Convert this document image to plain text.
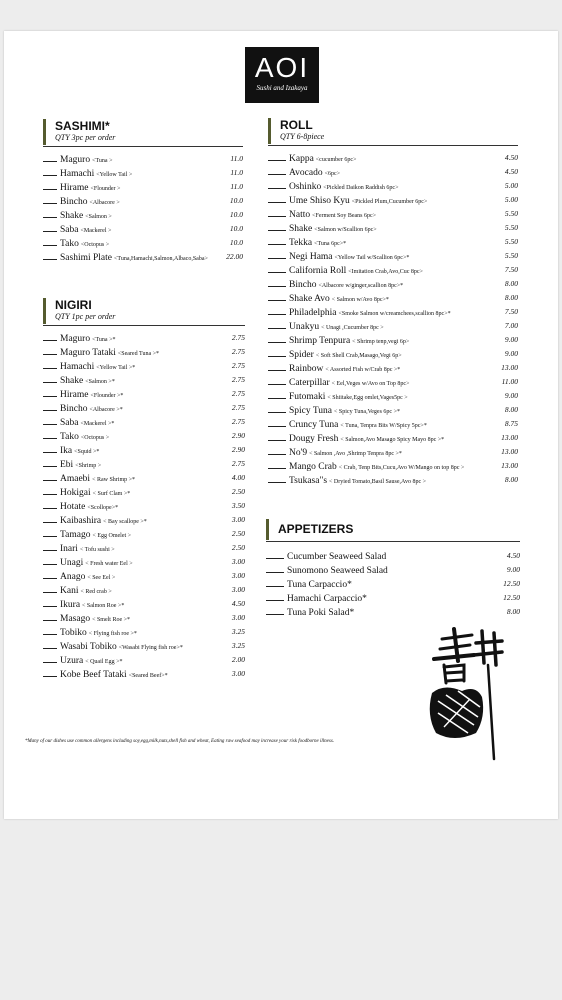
AOI
Sushi and Izakaya
SASHIMI*
QTY 3pc per order
Maguro <Tuna >	11.0
Hamachi <Yellow Tail >	11.0
Hirame <Flounder >	11.0
Bincho <Albacore >	10.0
Shake <Salmon >	10.0
Saba <Mackerel >	10.0
Tako <Octopus >	10.0
Sashimi Plate <Tuna,Hamachi,Salmon,Albaco,Saba> 22.00
NIGIRI
QTY 1pc per order
Maguro <Tuna >*	2.75
Maguro Tataki <Seared Tuna >*	2.75
Hamachi <Yellow Tail >*	2.75
Shake <Salmon >*	2.75
Hirame <Flounder >*	2.75
Bincho <Albacore >*	2.75
Saba <Mackerel >*	2.75
Tako <Octopus >	2.90
Ika <Squid >*	2.90
Ebi <Shrimp >	2.75
Amaebi < Raw Shrimp >*	4.00
Hokigai < Surf Clam >*	2.50
Hotate <Scollope>*	3.50
Kaibashira < Bay scallope >*	3.00
Tamago < Egg Omelet >	2.50
Inari < Tofu sushi >	2.50
Unagi < Fresh water Eel >	3.00
Anago < See Eel >	3.00
Kani < Red crab >	3.00
Ikura < Salmon Roe >*	4.50
Masago < Smelt Roe >*	3.00
Tobiko < Flying fish roe >*	3.25
Wasabi Tobiko <Wasabi Flying fish roe>*	3.25
Uzura < Quail Egg >*	2.00
Kobe Beef Tataki <Seared Beef>*	3.00
ROLL
QTY 6-8piece
Kappa <cucumber 6pc>	4.50
Avocado <6pc>	4.50
Oshinko <Pickled Daikon Raddish 6pc>	5.00
Ume Shiso Kyu <Pickled Plum,Cucumber 6pc>	5.00
Natto <Ferment Soy Beans 6pc>	5.50
Shake <Salmon w/Scallion 6pc>	5.50
Tekka <Tuna 6pc>*	5.50
Negi Hama <Yellow Tail w/Scallion 6pc>*	5.50
California Roll <Imitation Crab,Avo,Cuc 8pc>	7.50
Bincho <Albacore w/ginger,scallion 8pc>*	8.00
Shake Avo < Salmon w/Avo 8pc>*	8.00
Philadelphia <Smoke Salmon w/creamchees,scallion 8pc>*	7.50
Unakyu < Unagi ,Cucumber 8pc >	7.00
Shrimp Tenpura < Shrimp tenp,vegi 6p>	9.00
Spider < Soft Shell Crab,Masago,Vegi 6p>	9.00
Rainbow < Assorted Fish w/Crab 8pc >*	13.00
Caterpillar < Eel,Veges w/Avo on Top 8pc>	11.00
Futomaki < Shiitake,Egg omlet,Vages5pc >	9.00
Spicy Tuna < Spicy Tuna,Veges 6pc >*	8.00
Cruncy Tuna < Tuna, Tenpra Bits W/Spicy 5pc>*	8.75
Dougy Fresh < Salmon,Avo Masago Spicy Mayo 8pc >*	13.00
No'9 < Salmon ,Avo ,Shrimp Tenpra 8pc >*	13.00
Mango Crab < Crab, Tenp Bits,Cucu,Avo W/Mango on top 8pc >	13.00
Tsukasa"s < Dryied Tomato,Basil Sause,Avo 8pc >	8.00
APPETIZERS
Cucumber Seaweed Salad	4.50
Sunomono Seaweed Salad	9.00
Tuna Carpaccio*	12.50
Hamachi Carpaccio*	12.50
Tuna Poki Salad*	8.00
*Many of our dishes use common allergens including soy,egg,milk,nuts,shell fish and wheat, Eating raw seafood may increase your risk foodborne illness.
